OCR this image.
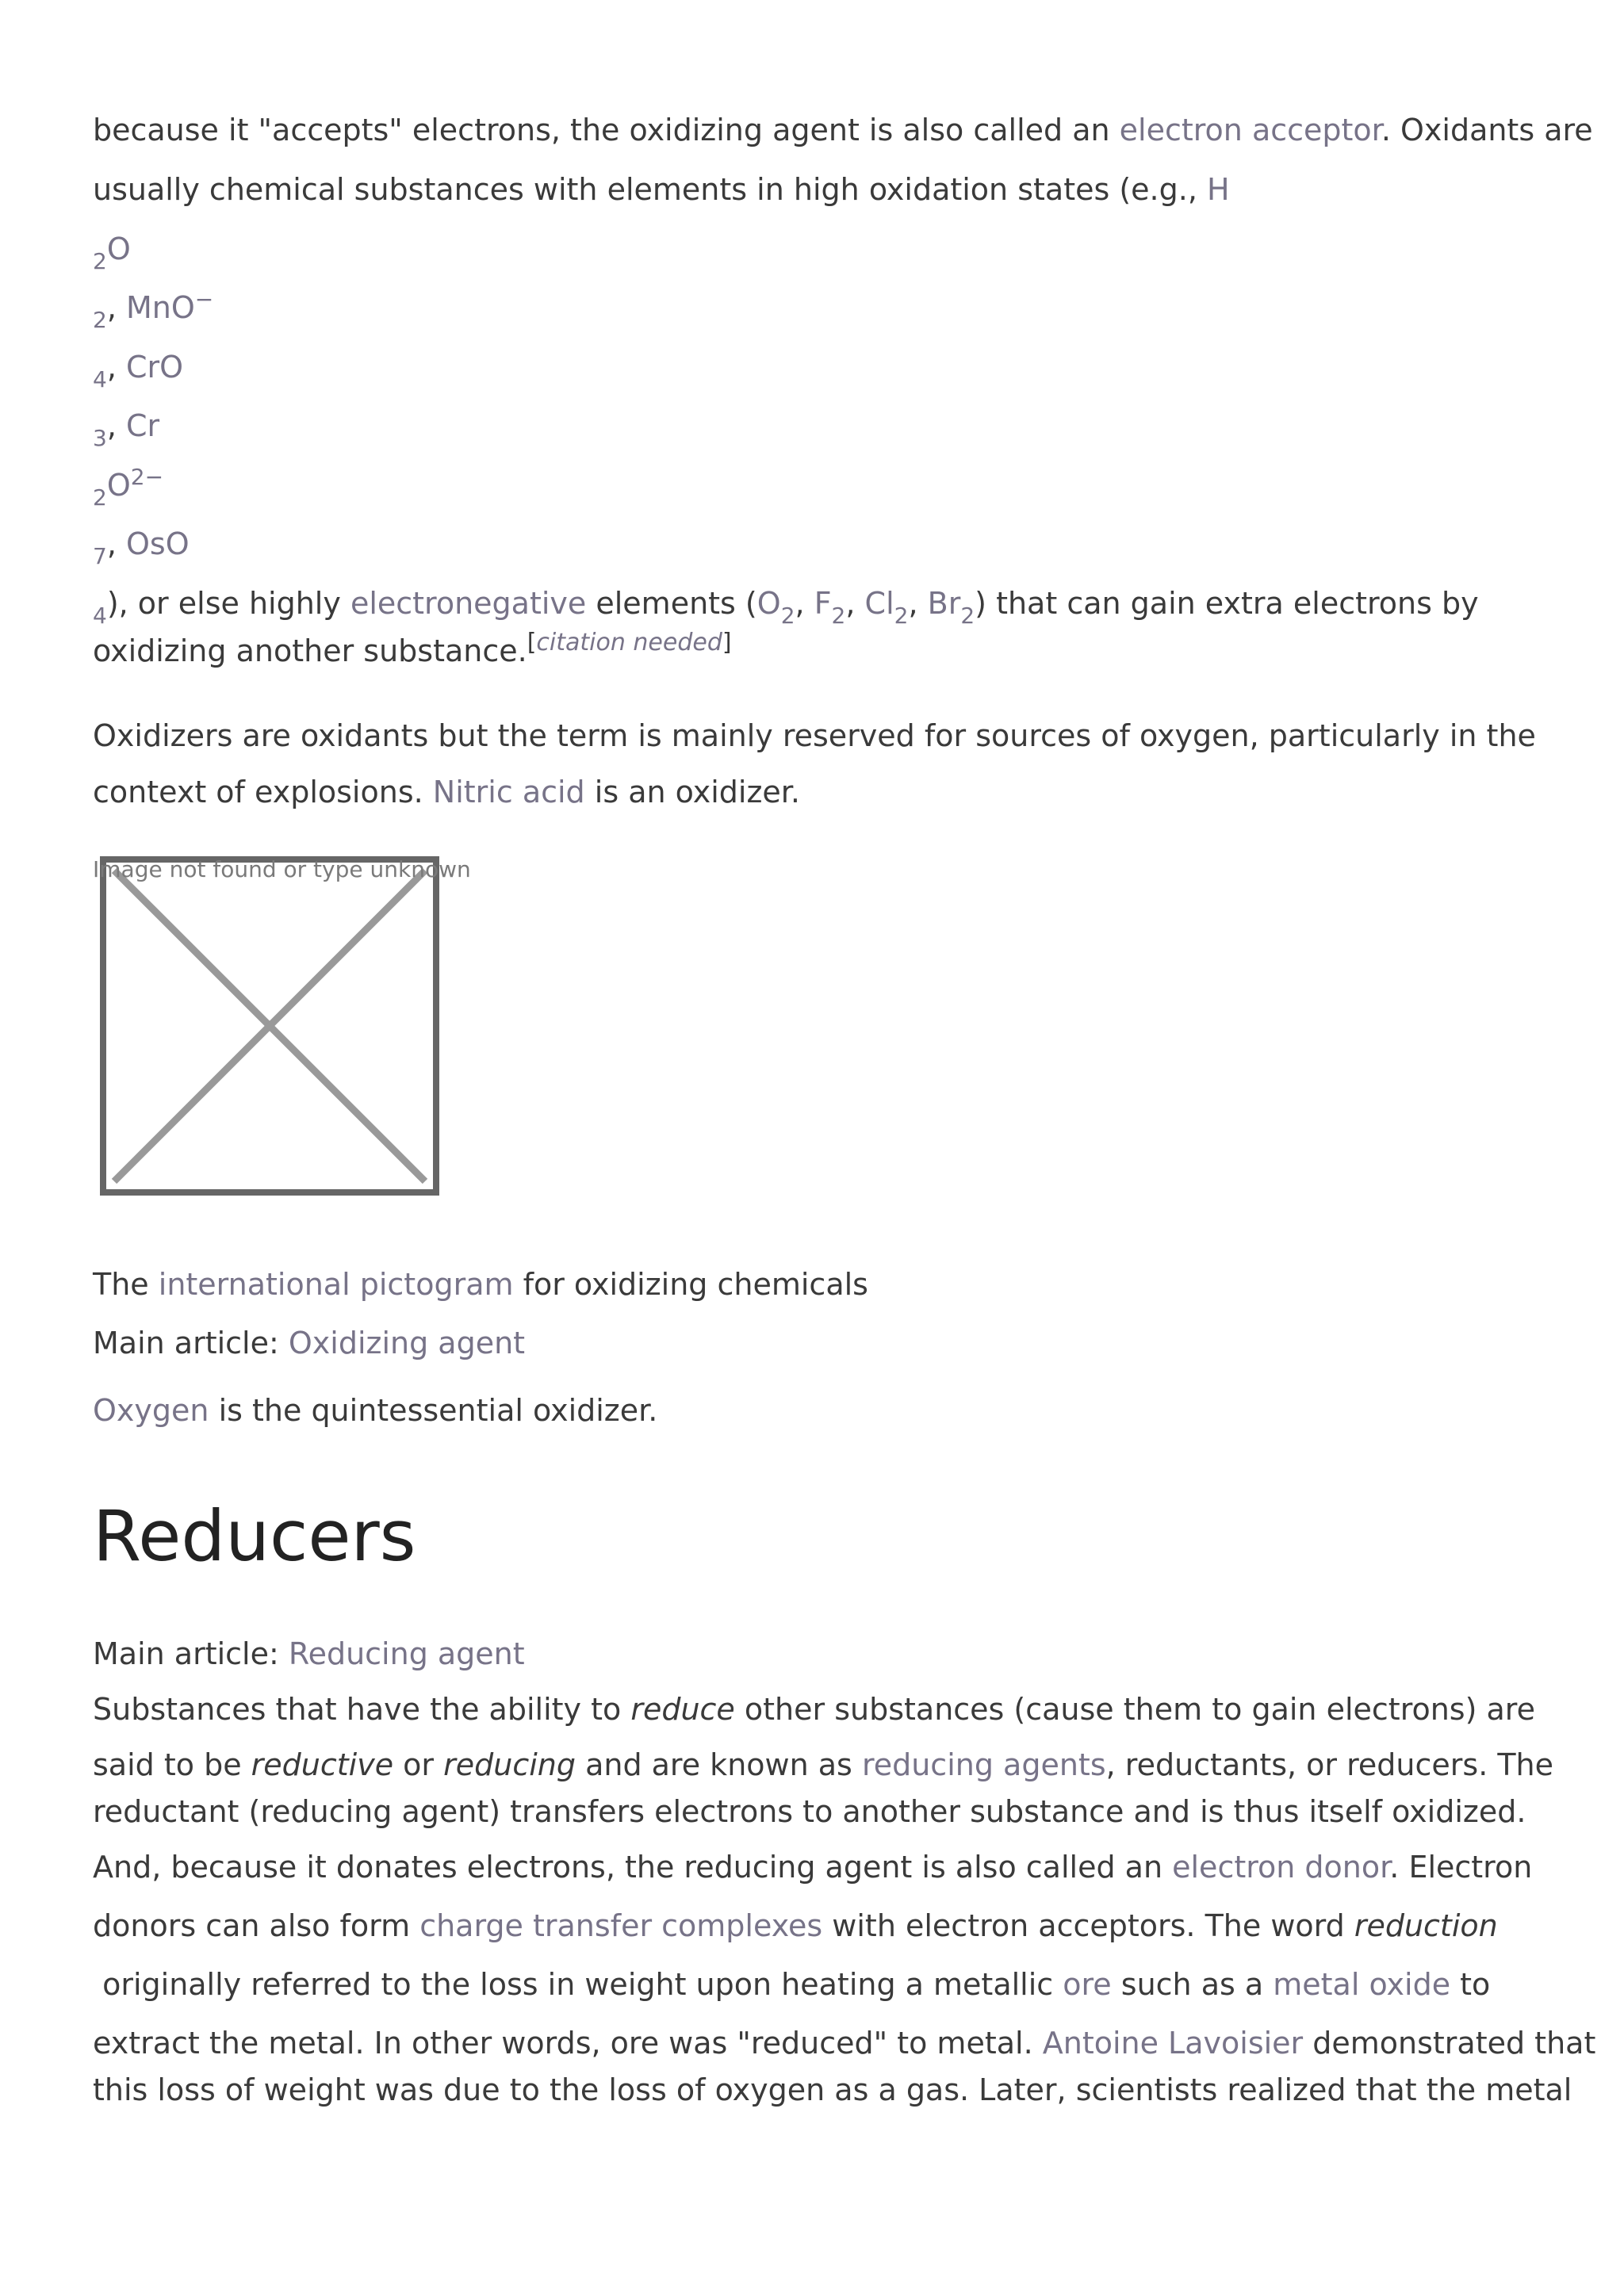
because it "accepts" electrons, the oxidizing agent is also called an electron acceptor. Oxidants are
usually chemical substances with elements in high oxidation states (e.g., H
$_2$O
$_2$, MnO−
$_4$, CrO
$_3$, Cr
$_2$O$^{2-}$
$_7$, OsO
$_4$), or else highly electronegative elements ($O_2$, $F_2$, $Cl_2$, $Br_2$) that can gain extra electrons by
oxidizing another substance.[citation needed]
Oxidizers are oxidants but the term is mainly reserved for sources of oxygen, particularly in the
context of explosions. Nitric acid is an oxidizer.
Image not found or type unknown
The international pictogram for oxidizing chemicals
Main article: Oxidizing agent
Oxygen is the quintessential oxidizer.
Reducers
Main article: Reducing agent
Substances that have the ability to reduce other substances (cause them to gain electrons) are
said to be reductive or reducing and are known as reducing agents, reductants, or reducers. The
reductant (reducing agent) transfers electrons to another substance and is thus itself oxidized.
And, because it donates electrons, the reducing agent is also called an electron donor. Electron
donors can also form charge transfer complexes with electron acceptors. The word reduction
originally referred to the loss in weight upon heating a metallic ore such as a metal oxide to
extract the metal. In other words, ore was "reduced" to metal. Antoine Lavoisier demonstrated that
this loss of weight was due to the loss of oxygen as a gas. Later, scientists realized that the metal
